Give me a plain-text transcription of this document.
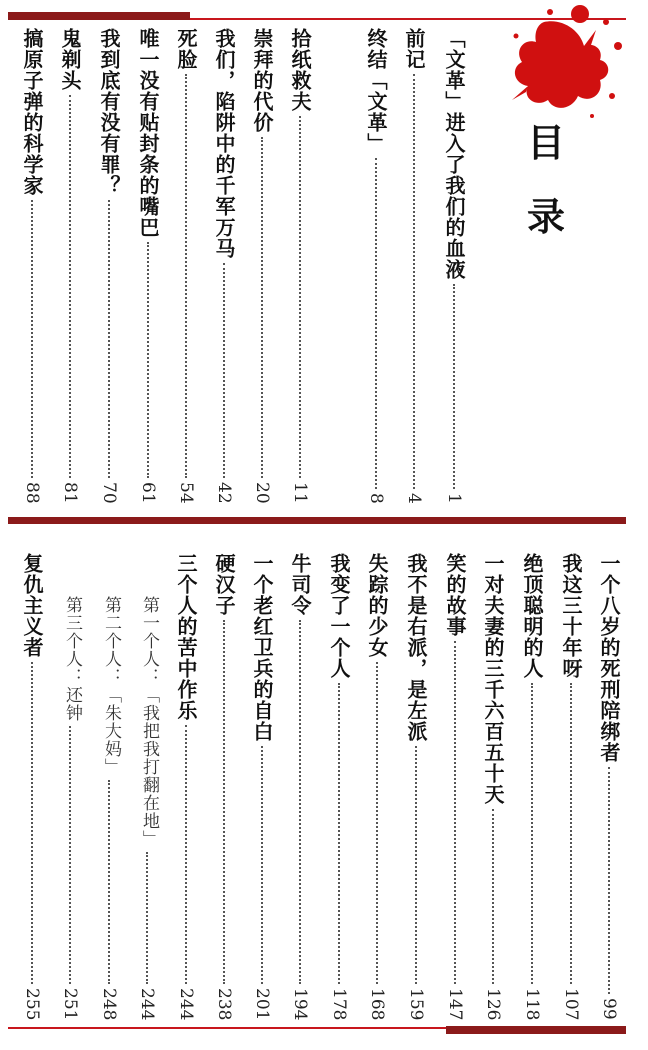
目
录
「文革」进入了我们的血液
1
前记
4
终结「文革」
8
拾纸救夫
11
崇拜的代价
20
我们，陷阱中的千军万马
42
死脸
54
唯一没有贴封条的嘴巴
61
我到底有没有罪？
70
鬼剃头
81
搞原子弹的科学家
88
一个八岁的死刑陪绑者
99
我这三十年呀
107
绝顶聪明的人
118
一对夫妻的三千六百五十天
126
笑的故事
147
我不是右派，是左派
159
失踪的少女
168
我变了一个人
178
牛司令
194
一个老红卫兵的自白
201
硬汉子
238
三个人的苦中作乐
244
第一个人：「我把我打翻在地」
244
第二个人：「朱大妈」
248
第三个人：还钟
251
复仇主义者
255
